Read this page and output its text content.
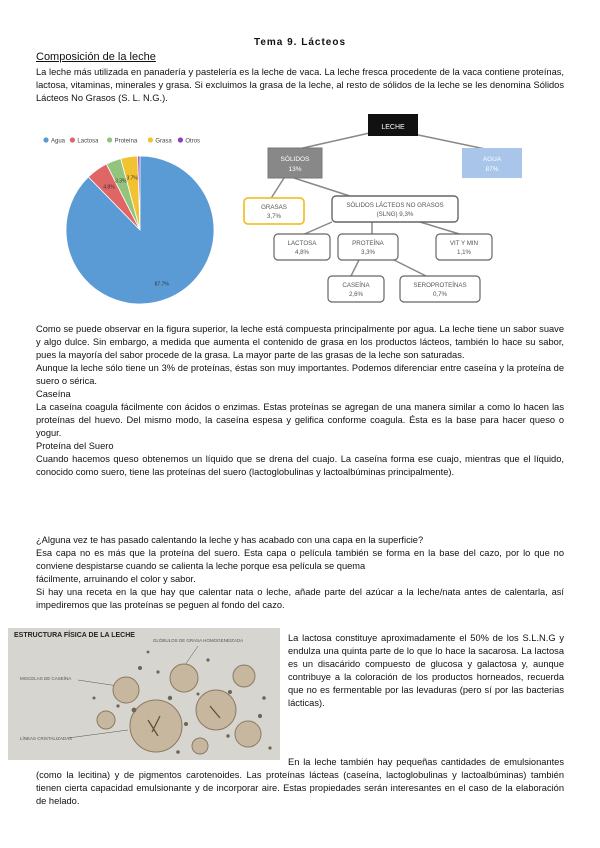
Tema 9. Lácteos
Composición de la leche
La leche más utilizada en panadería y pastelería es la leche de vaca. La leche fresca procedente de la vaca contiene proteínas, lactosa, vitaminas, minerales y grasa. Si excluimos la grasa de la leche, al resto de sólidos de la leche se les denomina Sólidos Lácteos No Grasos (S. L. N.G.).
Agua Lactosa	Proteína	Grasa Otros
4.8%
3.3% 3.7%
87.7%
LECHE
SÓLIDOS
13%
AGUA
87%
GRASAS
3,7%
SÓLIDOS LÁCTEOS NO GRASOS
(SLNG) 9,3%
LACTOSA
4,8%
PROTEÍNA
3,3%
VIT Y MIN
1,1%
CASEÍNA
2,6%
SEROPROTEÍNAS
0,7%

Como se puede observar en la figura superior, la leche está compuesta principalmente por agua. La leche tiene un sabor suave y algo dulce. Sin embargo, a medida que aumenta el contenido de grasa en los productos lácteos, también lo hace su sabor, pues la mayoría del sabor procede de la grasa. La mayor parte de las grasas de la leche son saturadas.

Aunque la leche sólo tiene un 3% de proteínas, éstas son muy importantes. Podemos diferenciar entre caseína y la proteína de suero o sérica.

Caseína

La caseína coagula fácilmente con ácidos o enzimas. Estas proteínas se agregan de una manera similar a como lo hacen las proteínas del huevo. Del mismo modo, la caseína espesa y gelifica conforme coagula. Ésta es la base para hacer queso o yogur.

Proteína del Suero

Cuando hacemos queso obtenemos un líquido que se drena del cuajo. La caseína forma ese cuajo, mientras que el líquido, conocido como suero, tiene las proteínas del suero (lactoglobulinas y lactoalbúminas principalmente).

¿Alguna vez te has pasado calentando la leche y has acabado con una capa en la superficie?

Esa capa no es más que la proteína del suero. Esta capa o película también se forma en la base del cazo, por lo que no conviene despistarse cuando se calienta la leche porque esa película se quema

fácilmente, arruinando el color y sabor.

Si hay una receta en la que hay que calentar nata o leche, añade parte del azúcar a la leche/nata antes de calentarla, así impediremos que las proteínas se peguen al fondo del cazo.

ESTRUCTURA FÍSICA DE LA LECHE
GLÓBULOS DE GRASA HOMOGENEIZADA
MISCELAS DE CASEÍNA
LÍNEAS CRISTALIZADAS
La lactosa constituye aproximadamente el 50% de los S.L.N.G y endulza una quinta parte de lo que lo hace la sacarosa. La lactosa es un disacárido compuesto de glucosa y galactosa y, aunque contribuye a la coloración de los productos horneados, recuerda que no es fermentable por las levaduras (pero sí por las bacterias lácticas).
En la leche también hay pequeñas cantidades de emulsionantes (como la lecitina) y de pigmentos carotenoides. Las proteínas lácteas (caseína, lactoglobulinas y lactoalbúminas) también tienen cierta capacidad emulsionante y de incorporar aire. Estas propiedades serán interesantes en el caso de la elaboración de helado.
